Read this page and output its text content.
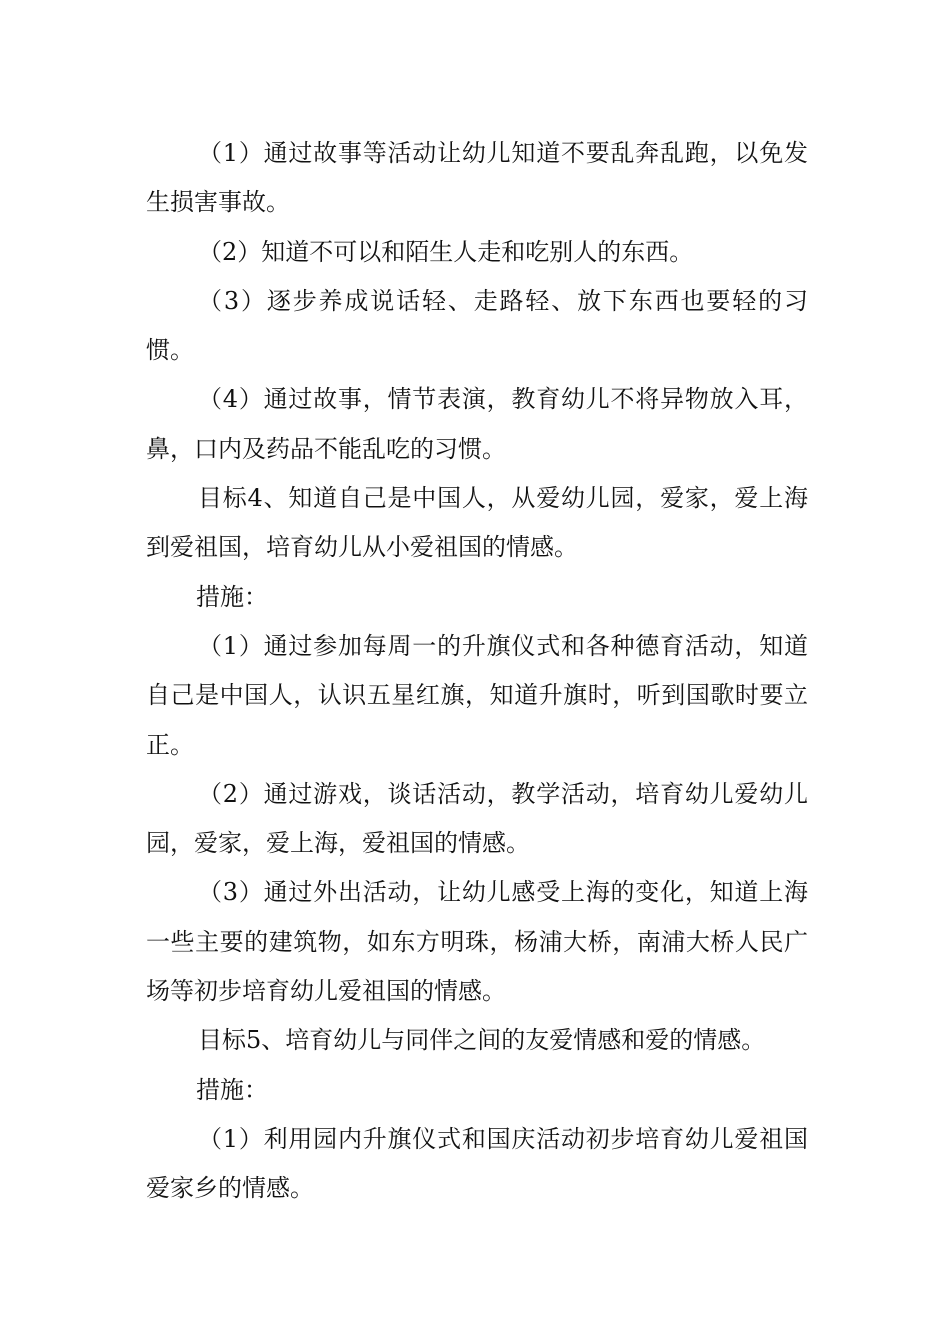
（1）通过故事等活动让幼儿知道不要乱奔乱跑，以免发生损害事故。

（2）知道不可以和陌生人走和吃别人的东西。

（3）逐步养成说话轻、走路轻、放下东西也要轻的习惯。

（4）通过故事，情节表演，教育幼儿不将异物放入耳，鼻，口内及药品不能乱吃的习惯。

目标4、知道自己是中国人，从爱幼儿园，爱家，爱上海到爱祖国，培育幼儿从小爱祖国的情感。

措施：

（1）通过参加每周一的升旗仪式和各种德育活动，知道自己是中国人，认识五星红旗，知道升旗时，听到国歌时要立正。

（2）通过游戏，谈话活动，教学活动，培育幼儿爱幼儿园，爱家，爱上海，爱祖国的情感。

（3）通过外出活动，让幼儿感受上海的变化，知道上海一些主要的建筑物，如东方明珠，杨浦大桥，南浦大桥人民广场等初步培育幼儿爱祖国的情感。

目标5、培育幼儿与同伴之间的友爱情感和爱的情感。

措施：

（1）利用园内升旗仪式和国庆活动初步培育幼儿爱祖国爱家乡的情感。
